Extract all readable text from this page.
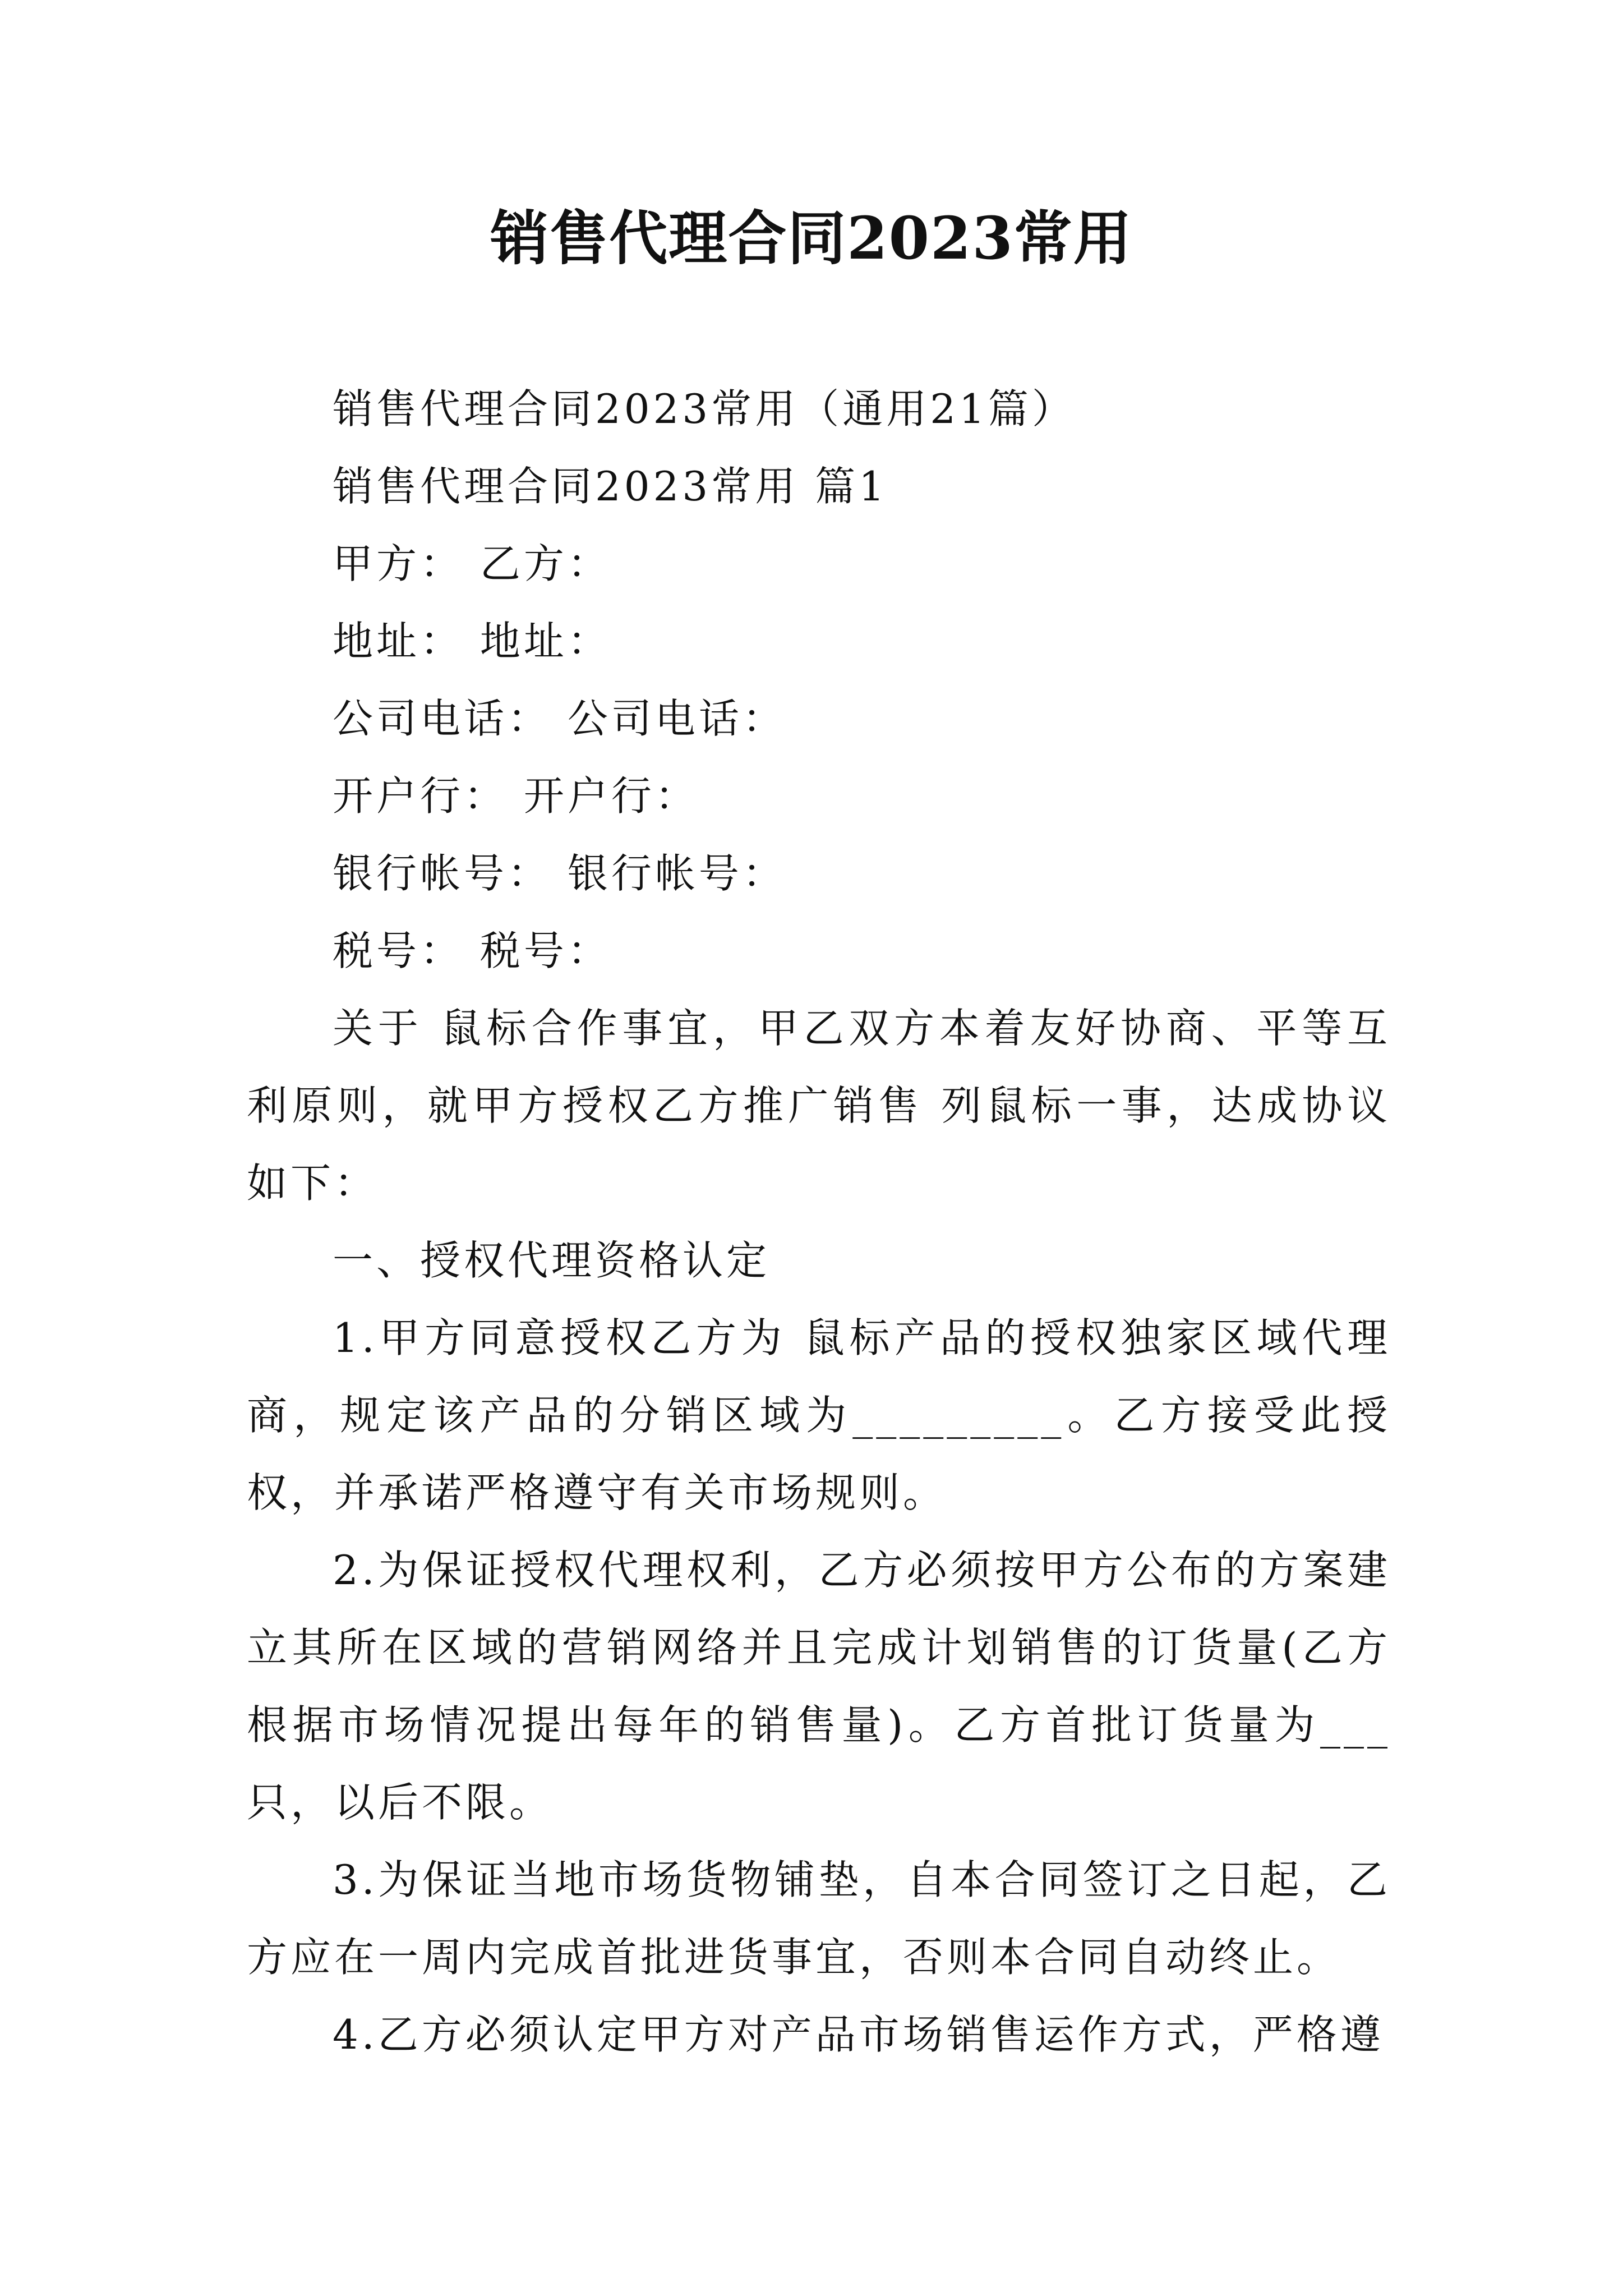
销售代理合同2023常用

销售代理合同2023常用（通用21篇）

销售代理合同2023常用 篇1

甲方： 乙方：

地址： 地址：

公司电话： 公司电话：

开户行： 开户行：

银行帐号： 银行帐号：

税号： 税号：

关于 鼠标合作事宜，甲乙双方本着友好协商、平等互利原则，就甲方授权乙方推广销售 列鼠标一事，达成协议如下：

一、授权代理资格认定

1.甲方同意授权乙方为 鼠标产品的授权独家区域代理商，规定该产品的分销区域为_________。乙方接受此授权，并承诺严格遵守有关市场规则。

2.为保证授权代理权利，乙方必须按甲方公布的方案建立其所在区域的营销网络并且完成计划销售的订货量(乙方根据市场情况提出每年的销售量)。乙方首批订货量为___只，以后不限。

3.为保证当地市场货物铺垫，自本合同签订之日起，乙方应在一周内完成首批进货事宜，否则本合同自动终止。

4.乙方必须认定甲方对产品市场销售运作方式，严格遵
